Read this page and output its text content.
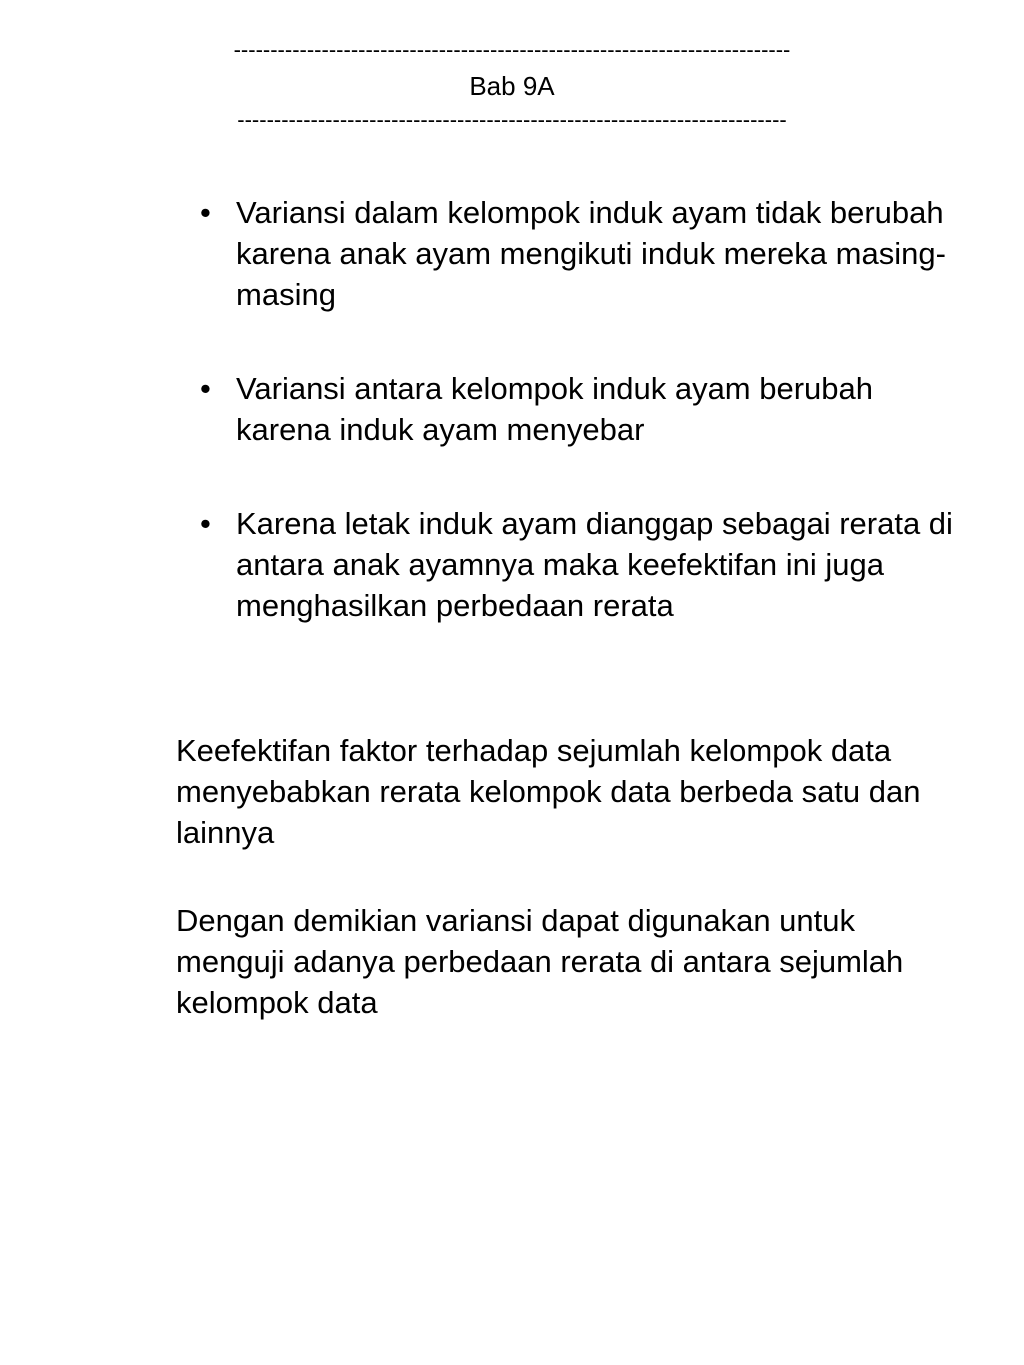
----------------------------------------------------------------------------
Bab 9A
---------------------------------------------------------------------------
• Variansi dalam kelompok induk ayam tidak berubah karena anak ayam mengikuti induk mereka masing-masing
• Variansi antara kelompok induk ayam berubah karena induk ayam menyebar
• Karena letak induk ayam dianggap sebagai rerata di antara anak ayamnya maka keefektifan ini juga menghasilkan perbedaan rerata

Keefektifan faktor terhadap sejumlah kelompok data menyebabkan rerata kelompok data berbeda satu dan lainnya

Dengan demikian variansi dapat digunakan untuk menguji adanya perbedaan rerata di antara sejumlah kelompok data
